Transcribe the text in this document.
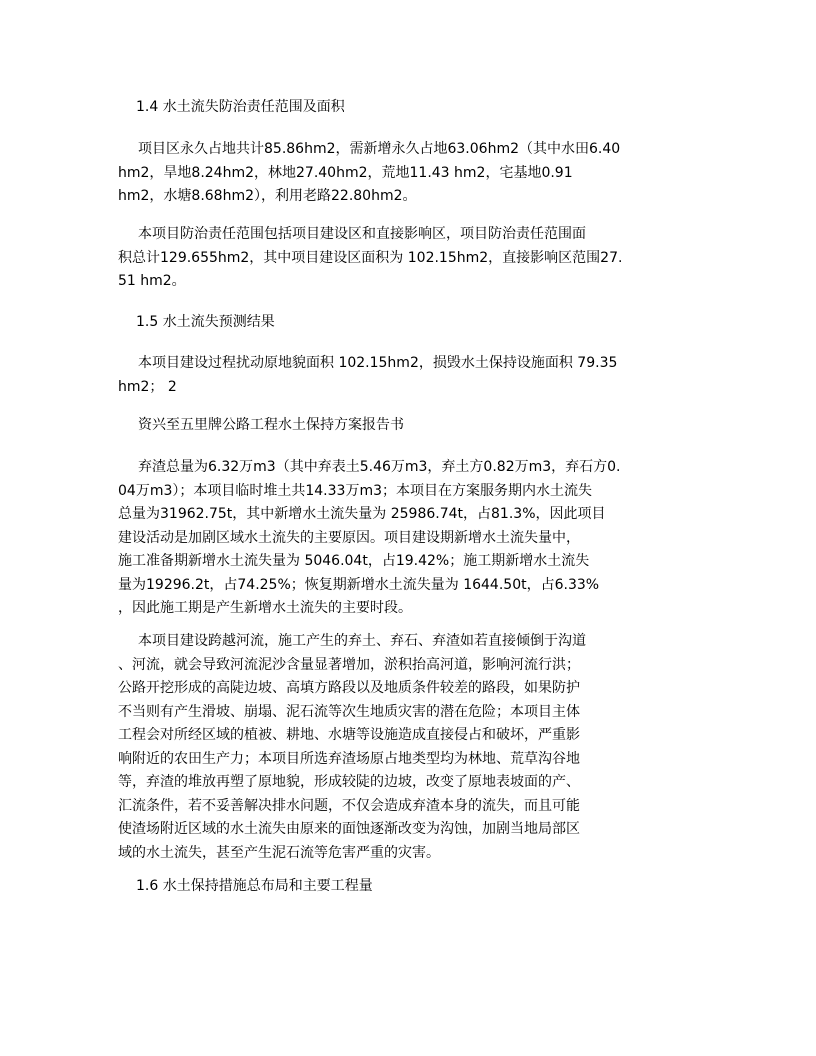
1.4 水土流失防治责任范围及面积
项目区永久占地共计85.86hm2，需新增永久占地63.06hm2（其中水田6.40
hm2，旱地8.24hm2，林地27.40hm2，荒地11.43 hm2，宅基地0.91
hm2，水塘8.68hm2），利用老路22.80hm2。
本项目防治责任范围包括项目建设区和直接影响区，项目防治责任范围面
积总计129.655hm2，其中项目建设区面积为 102.15hm2，直接影响区范围27.
51 hm2。
1.5 水土流失预测结果
本项目建设过程扰动原地貌面积 102.15hm2，损毁水土保持设施面积 79.35
hm2； 2
资兴至五里牌公路工程水土保持方案报告书
弃渣总量为6.32万m3（其中弃表土5.46万m3，弃土方0.82万m3，弃石方0.
04万m3）；本项目临时堆土共14.33万m3；本项目在方案服务期内水土流失
总量为31962.75t，其中新增水土流失量为 25986.74t，占81.3%，因此项目
建设活动是加剧区域水土流失的主要原因。项目建设期新增水土流失量中，
施工准备期新增水土流失量为 5046.04t，占19.42%；施工期新增水土流失
量为19296.2t，占74.25%；恢复期新增水土流失量为 1644.50t，占6.33%
，因此施工期是产生新增水土流失的主要时段。
本项目建设跨越河流，施工产生的弃土、弃石、弃渣如若直接倾倒于沟道
、河流，就会导致河流泥沙含量显著增加，淤积抬高河道，影响河流行洪；
公路开挖形成的高陡边坡、高填方路段以及地质条件较差的路段，如果防护
不当则有产生滑坡、崩塌、泥石流等次生地质灾害的潜在危险；本项目主体
工程会对所经区域的植被、耕地、水塘等设施造成直接侵占和破坏，严重影
响附近的农田生产力；本项目所选弃渣场原占地类型均为林地、荒草沟谷地
等，弃渣的堆放再塑了原地貌，形成较陡的边坡，改变了原地表坡面的产、
汇流条件，若不妥善解决排水问题，不仅会造成弃渣本身的流失，而且可能
使渣场附近区域的水土流失由原来的面蚀逐渐改变为沟蚀，加剧当地局部区
域的水土流失，甚至产生泥石流等危害严重的灾害。
1.6 水土保持措施总布局和主要工程量
